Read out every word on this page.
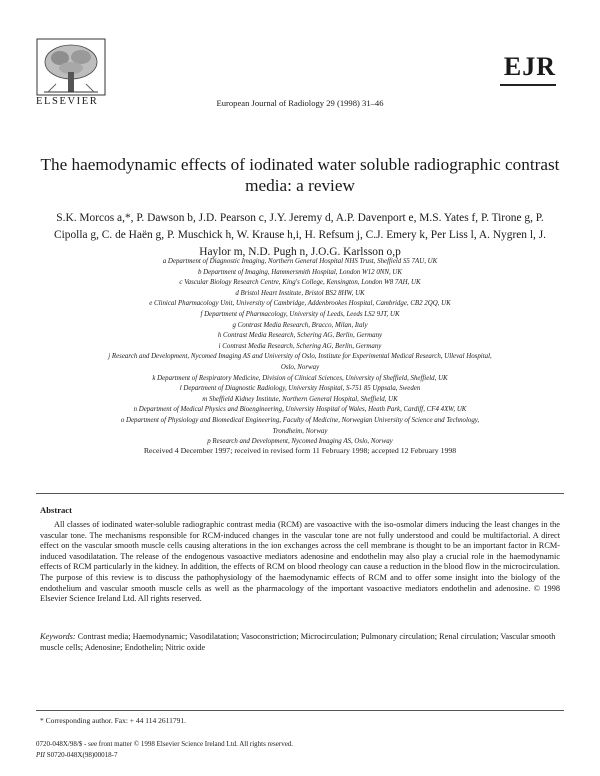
ELSEVIER
EJR
European Journal of Radiology 29 (1998) 31–46
The haemodynamic effects of iodinated water soluble radiographic contrast media: a review
S.K. Morcos a,*, P. Dawson b, J.D. Pearson c, J.Y. Jeremy d, A.P. Davenport e, M.S. Yates f, P. Tirone g, P. Cipolla g, C. de Haën g, P. Muschick h, W. Krause h,i, H. Refsum j, C.J. Emery k, Per Liss l, A. Nygren l, J. Haylor m, N.D. Pugh n, J.O.G. Karlsson o,p
a Department of Diagnostic Imaging, Northern General Hospital NHS Trust, Sheffield S5 7AU, UK
b Department of Imaging, Hammersmith Hospital, London W12 0NN, UK
c Vascular Biology Research Centre, King's College, Kensington, London W8 7AH, UK
d Bristol Heart Institute, Bristol BS2 8HW, UK
e Clinical Pharmacology Unit, University of Cambridge, Addenbrookes Hospital, Cambridge, CB2 2QQ, UK
f Department of Pharmacology, University of Leeds, Leeds LS2 9JT, UK
g Contrast Media Research, Bracco, Milan, Italy
h Contrast Media Research, Schering AG, Berlin, Germany
i Contrast Media Research, Schering AG, Berlin, Germany
j Research and Development, Nycomed Imaging AS and University of Oslo, Institute for Experimental Medical Research, Ulleval Hospital,
Oslo, Norway
k Department of Respiratory Medicine, Division of Clinical Sciences, University of Sheffield, Sheffield, UK
l Department of Diagnostic Radiology, University Hospital, S-751 85 Uppsala, Sweden
m Sheffield Kidney Institute, Northern General Hospital, Sheffield, UK
n Department of Medical Physics and Bioengineering, University Hospital of Wales, Heath Park, Cardiff, CF4 4XW, UK
o Department of Physiology and Biomedical Engineering, Faculty of Medicine, Norwegian University of Science and Technology,
Trondheim, Norway
p Research and Development, Nycomed Imaging AS, Oslo, Norway
Received 4 December 1997; received in revised form 11 February 1998; accepted 12 February 1998
Abstract
All classes of iodinated water-soluble radiographic contrast media (RCM) are vasoactive with the iso-osmolar dimers inducing the least changes in the vascular tone. The mechanisms responsible for RCM-induced changes in the vascular tone are not fully understood and could be multifactorial. A direct effect on the vascular smooth muscle cells causing alterations in the ion exchanges across the cell membrane is thought to be an important factor in RCM-induced vasodilatation. The release of the endogenous vasoactive mediators adenosine and endothelin may also play a crucial role in the haemodynamic effects of RCM particularly in the kidney. In addition, the effects of RCM on blood rheology can cause a reduction in the blood flow in the microcirculation. The purpose of this review is to discuss the pathophysiology of the haemodynamic effects of RCM and to offer some insight into the biology of the endothelium and vascular smooth muscle cells as well as the pharmacology of the important vasoactive mediators endothelin and adenosine. © 1998 Elsevier Science Ireland Ltd. All rights reserved.
Keywords: Contrast media; Haemodynamic; Vasodilatation; Vasoconstriction; Microcirculation; Pulmonary circulation; Renal circulation; Vascular smooth muscle cells; Adenosine; Endothelin; Nitric oxide
* Corresponding author. Fax: + 44 114 2611791.
0720-048X/98/$ - see front matter © 1998 Elsevier Science Ireland Ltd. All rights reserved.
PII S0720-048X(98)00018-7
